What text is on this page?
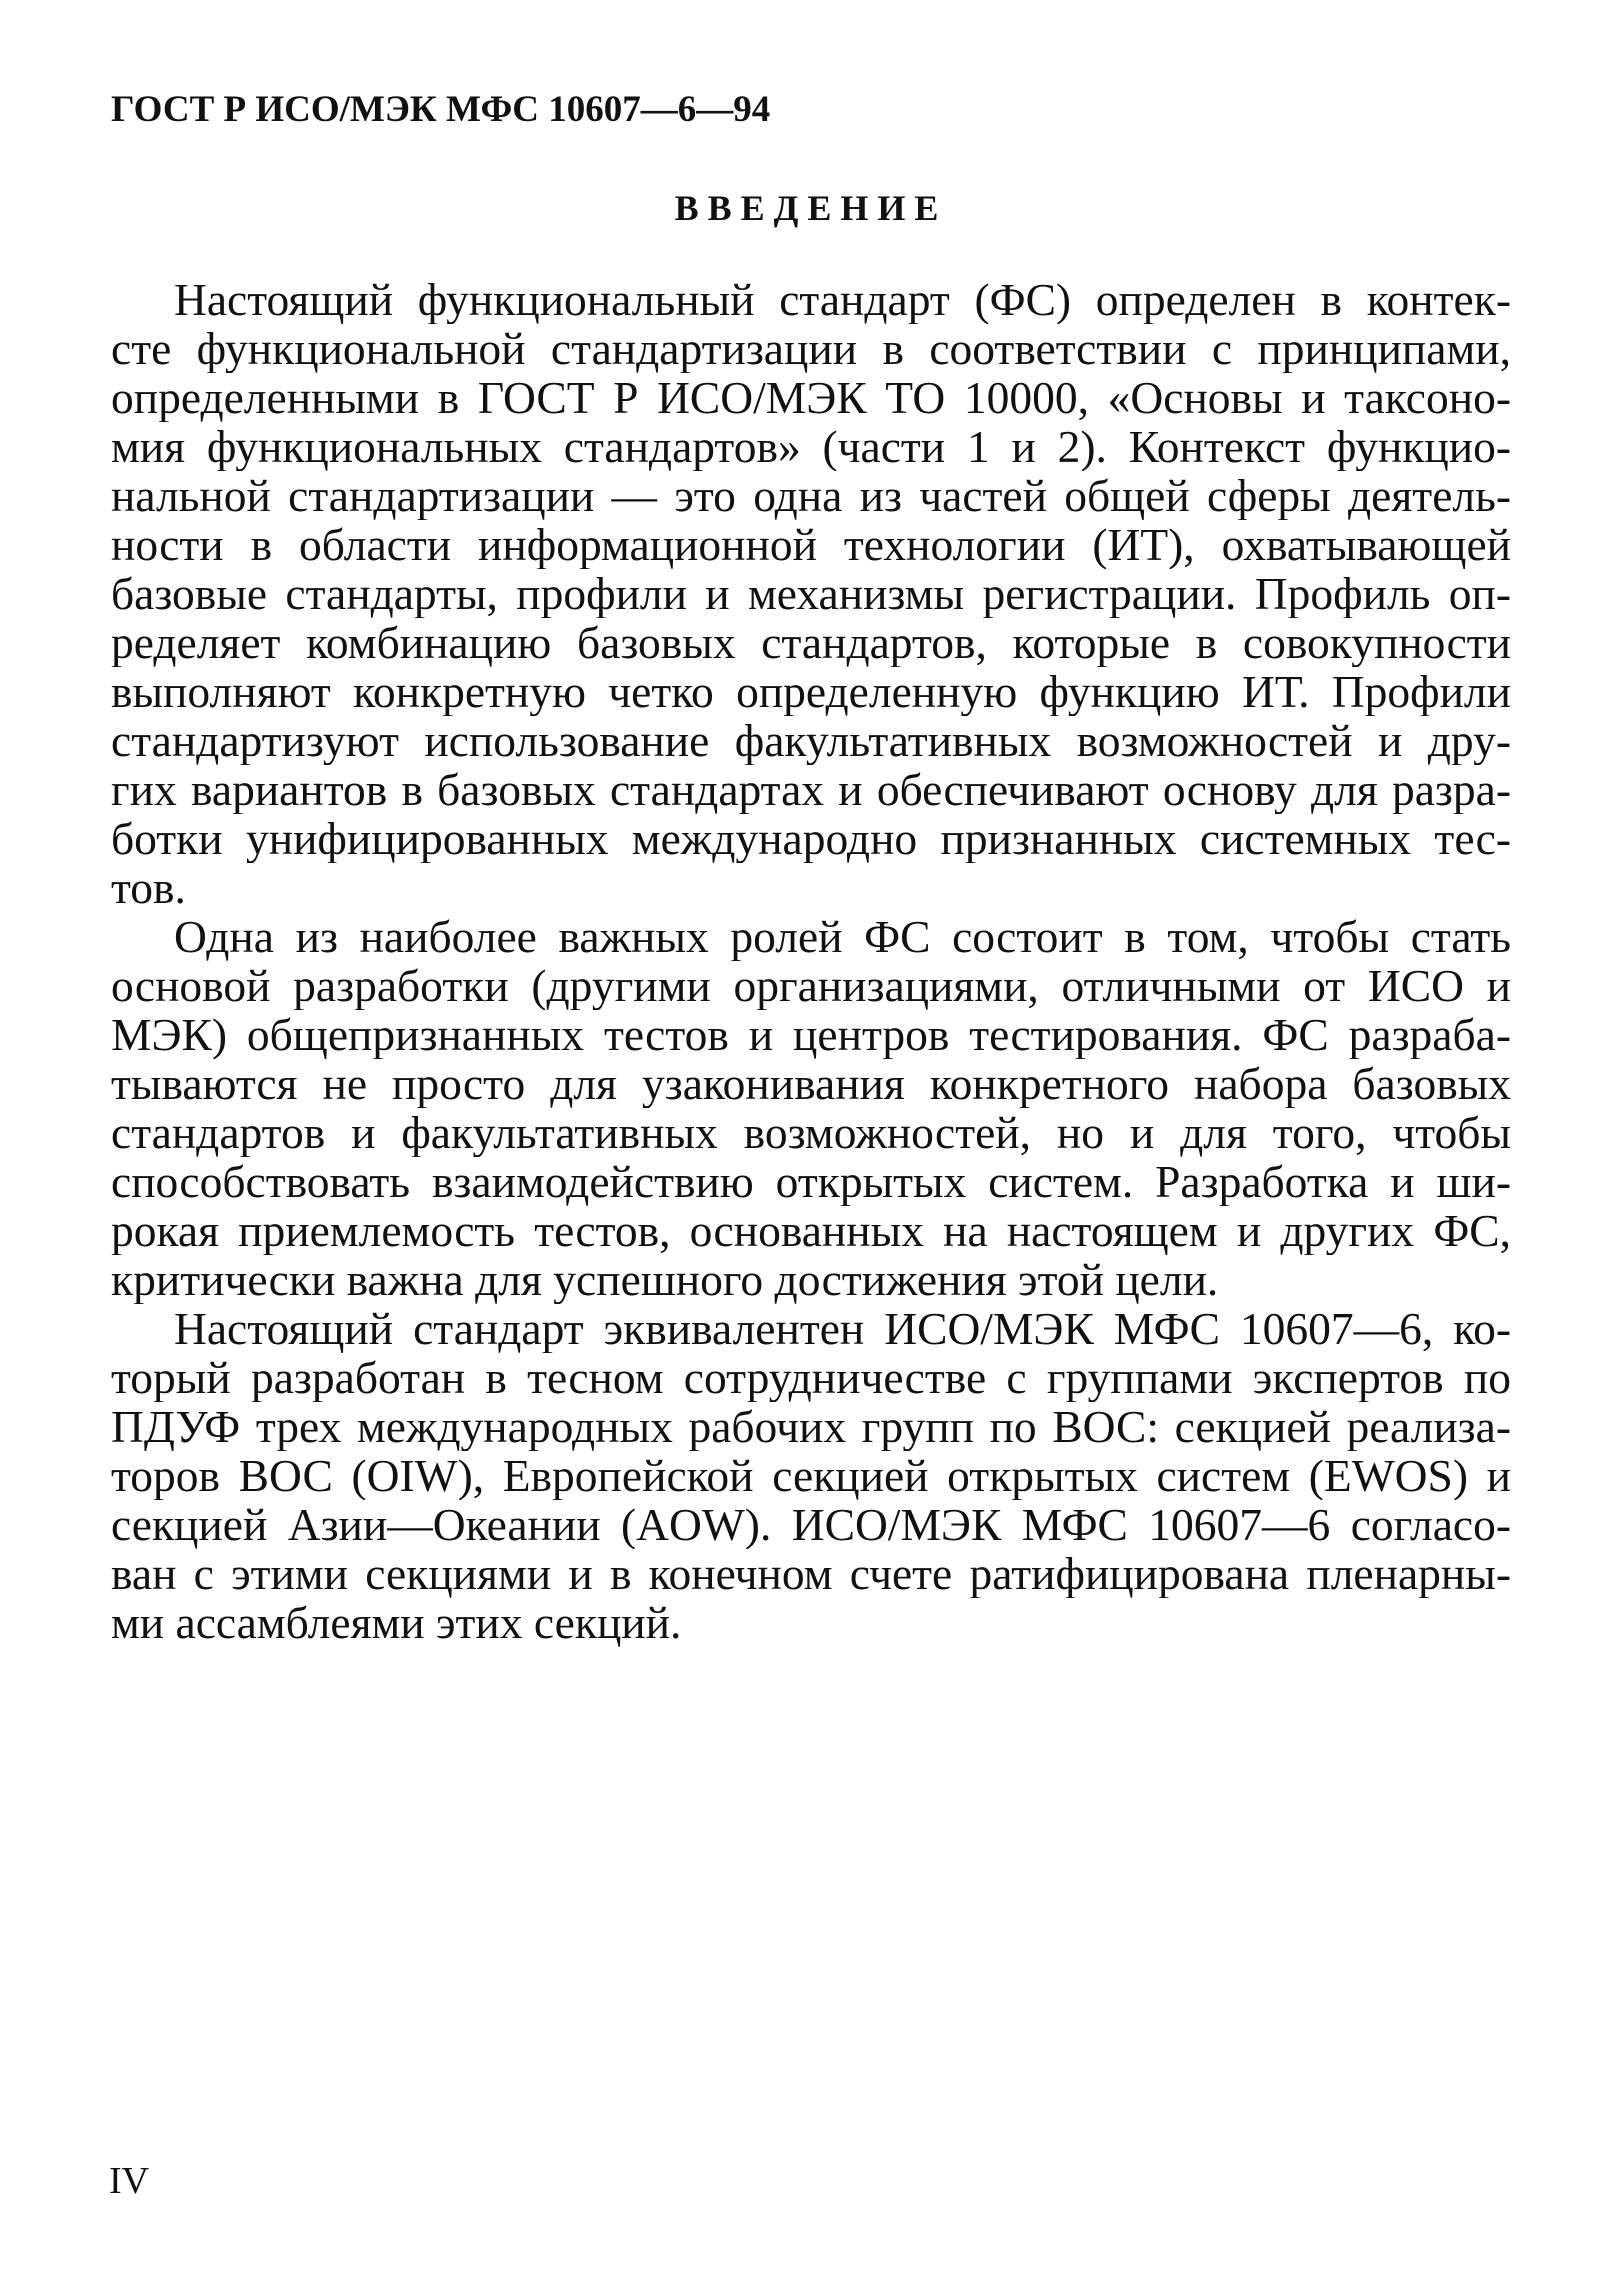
ГОСТ Р ИСО/МЭК МФС 10607—6—94
ВВЕДЕНИЕ
Настоящий функциональный стандарт (ФС) определен в контек-
сте функциональной стандартизации в соответствии с принципами,
определенными в ГОСТ Р ИСО/МЭК ТО 10000, «Основы и таксоно-
мия функциональных стандартов» (части 1 и 2). Контекст функцио-
нальной стандартизации — это одна из частей общей сферы деятель-
ности в области информационной технологии (ИТ), охватывающей
базовые стандарты, профили и механизмы регистрации. Профиль оп-
ределяет комбинацию базовых стандартов, которые в совокупности
выполняют конкретную четко определенную функцию ИТ. Профили
стандартизуют использование факультативных возможностей и дру-
гих вариантов в базовых стандартах и обеспечивают основу для разра-
ботки унифицированных международно признанных системных тес-
тов.
Одна из наиболее важных ролей ФС состоит в том, чтобы стать
основой разработки (другими организациями, отличными от ИСО и
МЭК) общепризнанных тестов и центров тестирования. ФС разраба-
тываются не просто для узаконивания конкретного набора базовых
стандартов и факультативных возможностей, но и для того, чтобы
способствовать взаимодействию открытых систем. Разработка и ши-
рокая приемлемость тестов, основанных на настоящем и других ФС,
критически важна для успешного достижения этой цели.
Настоящий стандарт эквивалентен ИСО/МЭК МФС 10607—6, ко-
торый разработан в тесном сотрудничестве с группами экспертов по
ПДУФ трех международных рабочих групп по ВОС: секцией реализа-
торов ВОС (OIW), Европейской секцией открытых систем (EWOS) и
секцией Азии—Океании (AOW). ИСО/МЭК МФС 10607—6 согласо-
ван с этими секциями и в конечном счете ратифицирована пленарны-
ми ассамблеями этих секций.
IV
